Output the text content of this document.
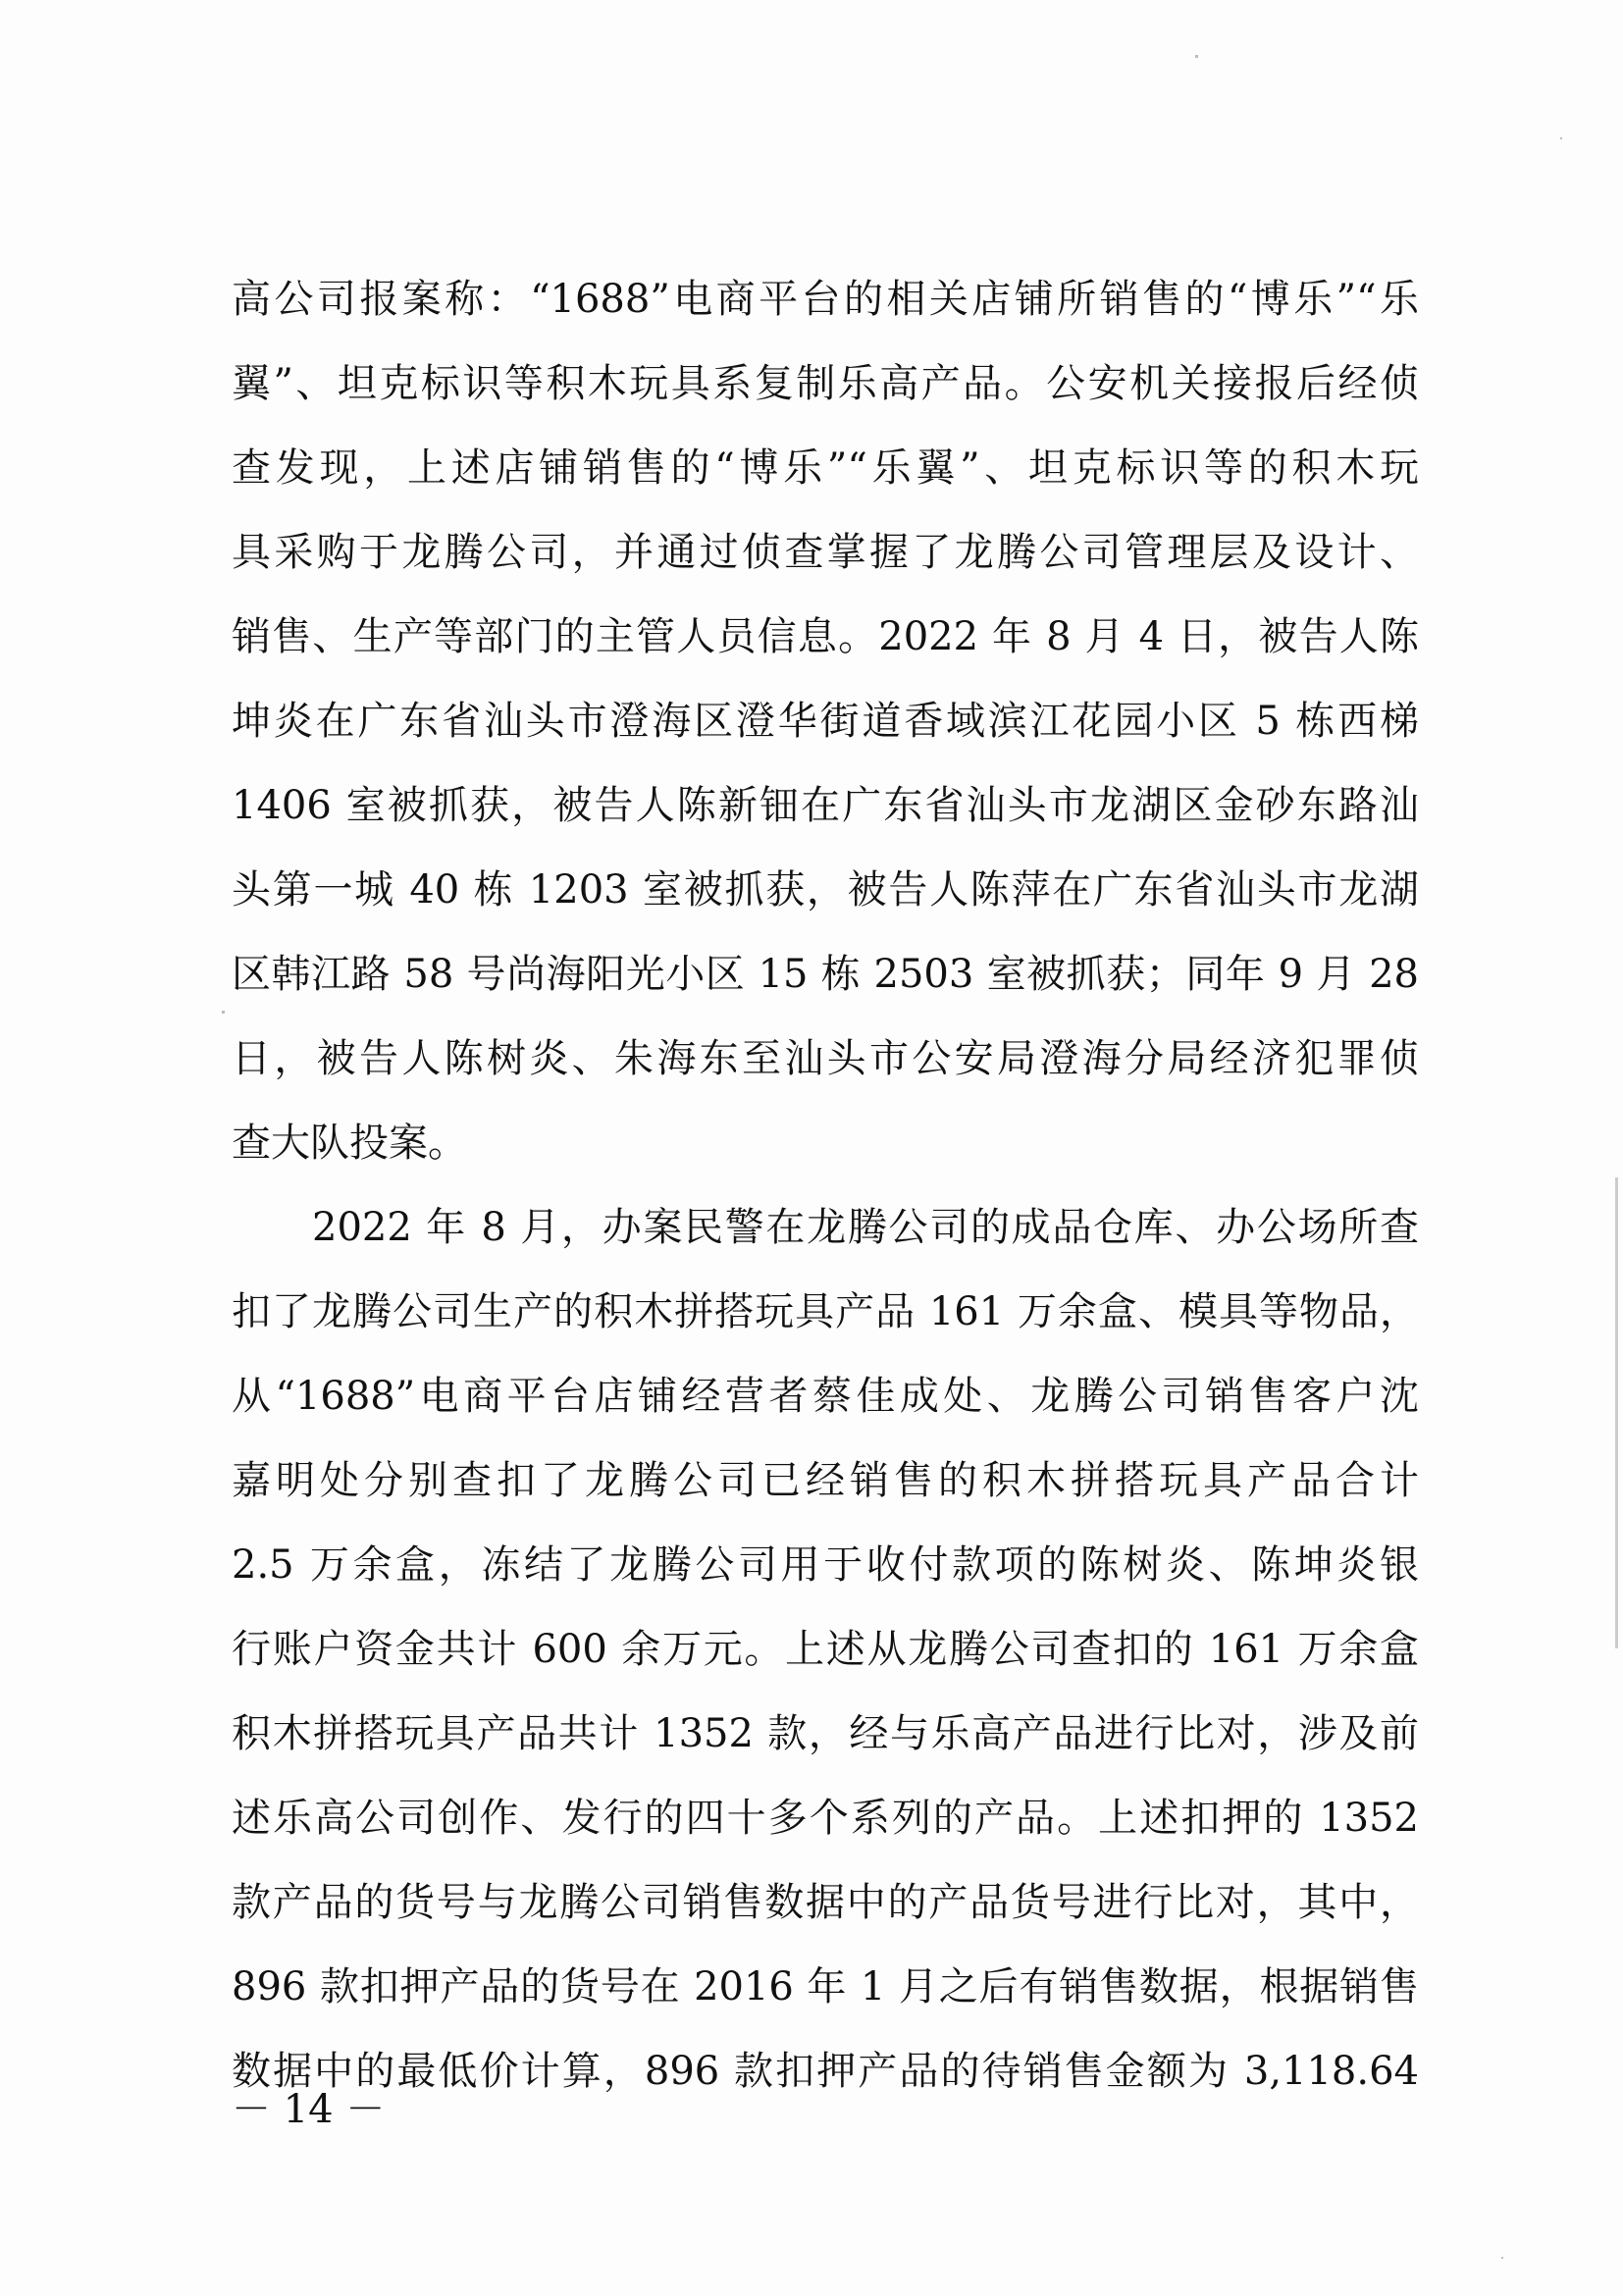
高公司报案称：“1688”电商平台的相关店铺所销售的“博乐”“乐
翼”、坦克标识等积木玩具系复制乐高产品。公安机关接报后经侦
查发现，上述店铺销售的“博乐”“乐翼”、坦克标识等的积木玩
具采购于龙腾公司，并通过侦查掌握了龙腾公司管理层及设计、
销售、生产等部门的主管人员信息。2022 年 8 月 4 日，被告人陈
坤炎在广东省汕头市澄海区澄华街道香域滨江花园小区 5 栋西梯
1406 室被抓获，被告人陈新钿在广东省汕头市龙湖区金砂东路汕
头第一城 40 栋 1203 室被抓获，被告人陈萍在广东省汕头市龙湖
区韩江路 58 号尚海阳光小区 15 栋 2503 室被抓获；同年 9 月 28
日，被告人陈树炎、朱海东至汕头市公安局澄海分局经济犯罪侦
查大队投案。
2022 年 8 月，办案民警在龙腾公司的成品仓库、办公场所查
扣了龙腾公司生产的积木拼搭玩具产品 161 万余盒、模具等物品，
从“1688”电商平台店铺经营者蔡佳成处、龙腾公司销售客户沈
嘉明处分别查扣了龙腾公司已经销售的积木拼搭玩具产品合计
2.5 万余盒，冻结了龙腾公司用于收付款项的陈树炎、陈坤炎银
行账户资金共计 600 余万元。上述从龙腾公司查扣的 161 万余盒
积木拼搭玩具产品共计 1352 款，经与乐高产品进行比对，涉及前
述乐高公司创作、发行的四十多个系列的产品。上述扣押的 1352
款产品的货号与龙腾公司销售数据中的产品货号进行比对，其中，
896 款扣押产品的货号在 2016 年 1 月之后有销售数据，根据销售
数据中的最低价计算，896 款扣押产品的待销售金额为 3,118.64
－ 14 －
